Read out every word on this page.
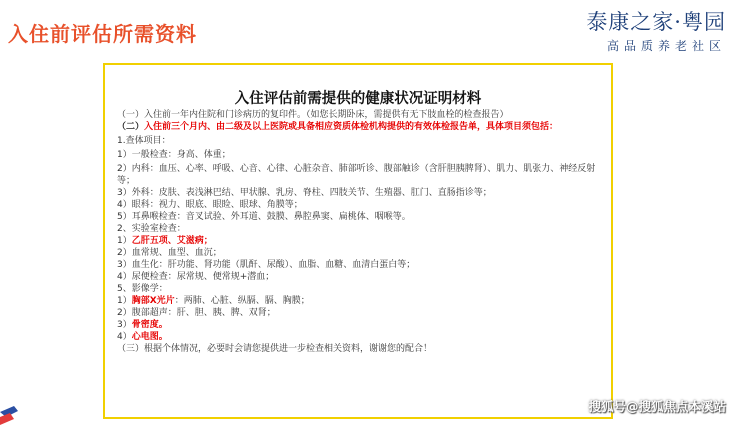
入住前评估所需资料	泰康之家·粤园
高品质养老社区
入住评估前需提供的健康状况证明材料
（一）入住前一年内住院和门诊病历的复印件。（如您长期卧床，需提供有无下肢血栓的检查报告）
（二）入住前三个月内、由二级及以上医院或具备相应资质体检机构提供的有效体检报告单，具体项目须包括：
1.查体项目：
1）一般检查：身高、体重；
2）内科：血压、心率、呼吸、心音、心律、心脏杂音、肺部听诊、腹部触诊（含肝胆胰脾肾）、肌力、肌张力、神经反射等；
3）外科：皮肤、表浅淋巴结、甲状腺、乳房、脊柱、四肢关节、生殖器、肛门、直肠指诊等；
4）眼科：视力、眼底、眼睑、眼球、角膜等；
5）耳鼻喉检查：音叉试验、外耳道、鼓膜、鼻腔鼻窦、扁桃体、咽喉等。
2、实验室检查：
1）乙肝五项、艾滋病；
2）血常规、血型、血沉；
3）血生化：肝功能、肾功能（肌酐、尿酸）、血脂、血糖、血清白蛋白等；
4）尿便检查：尿常规、便常规+潜血；
5、影像学：
1）胸部X光片：两肺、心脏、纵膈、膈、胸膜；
2）腹部超声：肝、胆、胰、脾、双肾；
3）骨密度。
4）心电图。
（三）根据个体情况，必要时会请您提供进一步检查相关资料，谢谢您的配合！
搜狐号@搜狐焦点本溪站
